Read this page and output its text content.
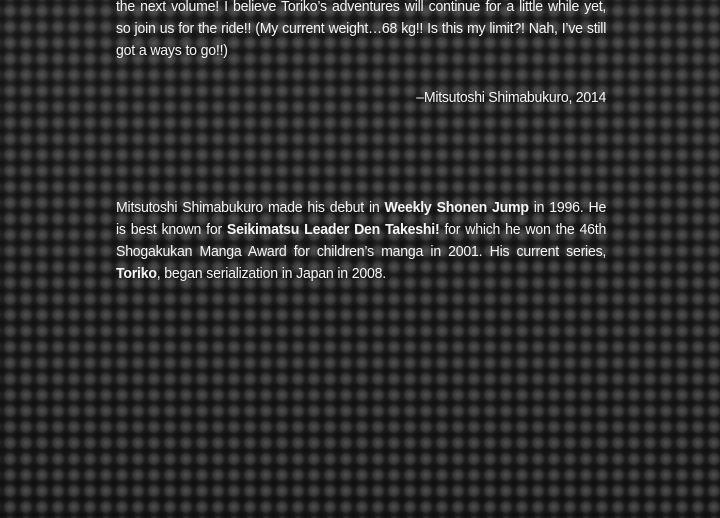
the next volume! I believe Toriko’s adventures will continue for a little while yet, so join us for the ride!! (My current weight…68 kg!! Is this my limit?! Nah, I’ve still got a ways to go!!)
–Mitsutoshi Shimabukuro, 2014
Mitsutoshi Shimabukuro made his debut in Weekly Shonen Jump in 1996. He is best known for Seikimatsu Leader Den Takeshi! for which he won the 46th Shogakukan Manga Award for children’s manga in 2001. His current series, Toriko, began serialization in Japan in 2008.
